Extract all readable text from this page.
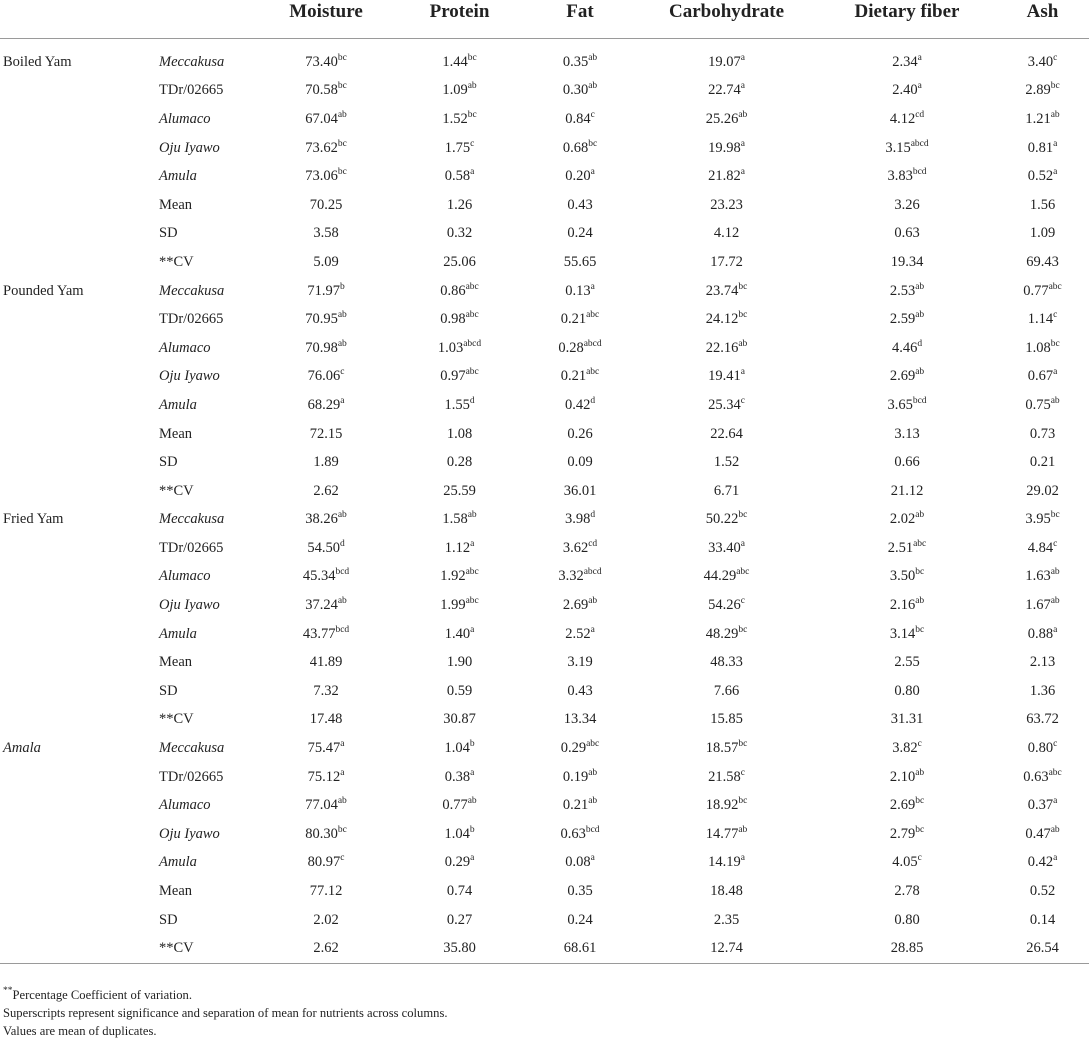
		Moisture	Protein	Fat	Carbohydrate	Dietary fiber	Ash
Boiled Yam	Meccakusa	73.40$^{bc}$	1.44$^{bc}$	0.35$^{ab}$	19.07$^a$	2.34$^a$	3.40$^c$
	TDr/02665	70.58$^{bc}$	1.09$^{ab}$	0.30$^{ab}$	22.74$^a$	2.40$^a$	2.89$^{bc}$
	Alumaco	67.04$^{ab}$	1.52$^{bc}$	0.84$^c$	25.26$^{ab}$	4.12$^{cd}$	1.21$^{ab}$
	Oju Iyawo	73.62$^{bc}$	1.75$^c$	0.68$^{bc}$	19.98$^a$	$3.15^{abcd}$	0.81$^a$
	Amula	73.06$^{bc}$	0.58$^a$	0.20$^a$	21.82$^a$	3.83$^{bcd}$	0.52$^a$
	Mean	70.25	1.26	0.43	23.23	3.26	1.56
	SD	3.58	0.32	0.24	4.12	0.63	1.09
	**CV	5.09	25.06	55.65	17.72	19.34	69.43
Pounded Yam	Meccakusa	71.97$^b$	0.86$^{abc}$	0.13$^a$	23.74$^{bc}$	2.53$^{ab}$	0.77$^{abc}$
	TDr/02665	70.95$^{ab}$	0.98$^{abc}$	0.21$^{abc}$	24.12$^{bc}$	2.59$^{ab}$	1.14$^c$
	Alumaco	70.98$^{ab}$	$1.03^{abcd}$	$0.28^{abcd}$	22.16$^{ab}$	4.46$^d$	1.08$^{bc}$
	Oju Iyawo	76.06$^c$	0.97$^{abc}$	0.21$^{abc}$	19.41$^a$	2.69$^{ab}$	0.67$^a$
	Amula	68.29$^a$	1.55$^d$	0.42$^d$	25.34$^c$	3.65$^{bcd}$	0.75$^{ab}$
	Mean	72.15	1.08	0.26	22.64	3.13	0.73
	SD	1.89	0.28	0.09	1.52	0.66	0.21
	**CV	2.62	25.59	36.01	6.71	21.12	29.02
Fried Yam	Meccakusa	38.26$^{ab}$	1.58$^{ab}$	3.98$^d$	50.22$^{bc}$	2.02$^{ab}$	3.95$^{bc}$
	TDr/02665	54.50$^d$	1.12$^a$	3.62$^{cd}$	33.40$^a$	2.51$^{abc}$	4.84$^c$
	Alumaco	45.34$^{bcd}$	1.92$^{abc}$	$3.32^{abcd}$	44.29$^{abc}$	3.50$^{bc}$	1.63$^{ab}$
	Oju Iyawo	37.24$^{ab}$	1.99$^{abc}$	2.69$^{ab}$	54.26$^c$	2.16$^{ab}$	1.67$^{ab}$
	Amula	43.77$^{bcd}$	1.40$^a$	2.52$^a$	48.29$^{bc}$	3.14$^{bc}$	0.88$^a$
	Mean	41.89	1.90	3.19	48.33	2.55	2.13
	SD	7.32	0.59	0.43	7.66	0.80	1.36
	**CV	17.48	30.87	13.34	15.85	31.31	63.72
Amala	Meccakusa	75.47$^a$	1.04$^b$	0.29$^{abc}$	18.57$^{bc}$	3.82$^c$	0.80$^c$
	TDr/02665	75.12$^a$	0.38$^a$	0.19$^{ab}$	21.58$^c$	2.10$^{ab}$	0.63$^{abc}$
	Alumaco	77.04$^{ab}$	0.77$^{ab}$	0.21$^{ab}$	18.92$^{bc}$	2.69$^{bc}$	0.37$^a$
	Oju Iyawo	80.30$^{bc}$	1.04$^b$	0.63$^{bcd}$	14.77$^{ab}$	2.79$^{bc}$	0.47$^{ab}$
	Amula	80.97$^c$	0.29$^a$	0.08$^a$	14.19$^a$	4.05$^c$	0.42$^a$
	Mean	77.12	0.74	0.35	18.48	2.78	0.52
	SD	2.02	0.27	0.24	2.35	0.80	0.14
	**CV	2.62	35.80	68.61	12.74	28.85	26.54
**Percentage Coefficient of variation.
Superscripts represent significance and separation of mean for nutrients across columns.
Values are mean of duplicates.
